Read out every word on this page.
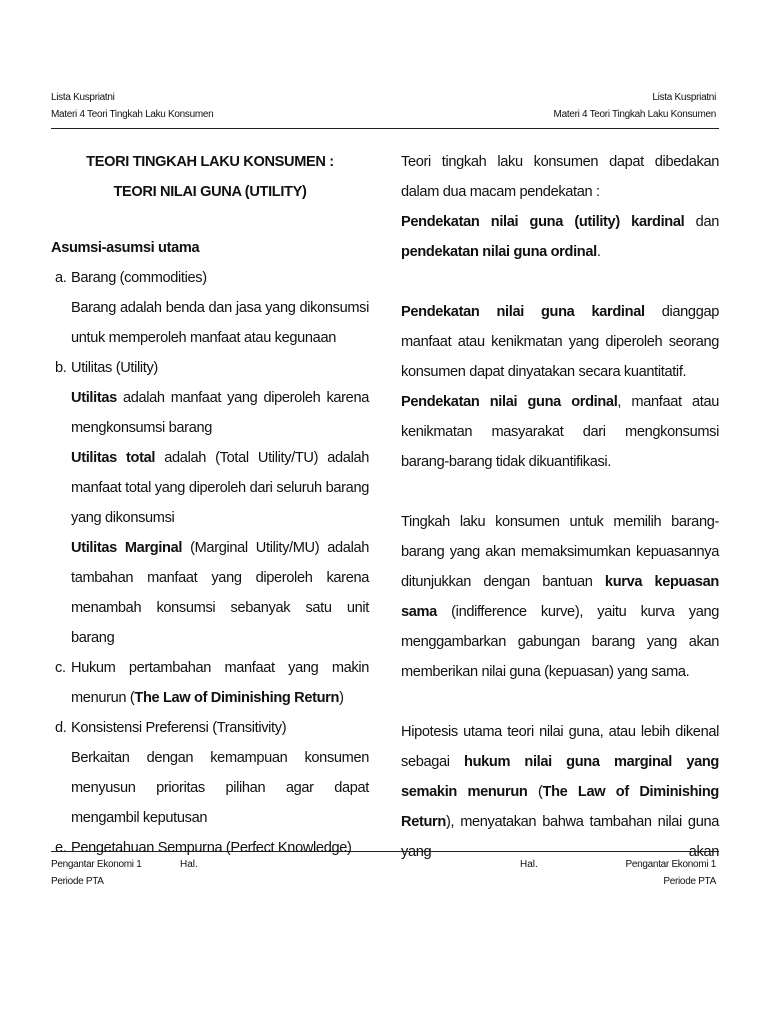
Lista Kuspriatni
Materi 4 Teori Tingkah Laku Konsumen
Lista Kuspriatni
Materi 4 Teori Tingkah Laku Konsumen
TEORI TINGKAH LAKU KONSUMEN :
TEORI NILAI GUNA (UTILITY)
Asumsi-asumsi utama
a. Barang (commodities)
Barang adalah benda dan jasa yang dikonsumsi untuk memperoleh manfaat atau kegunaan
b. Utilitas (Utility)
Utilitas adalah manfaat yang diperoleh karena mengkonsumsi barang
Utilitas total adalah (Total Utility/TU) adalah manfaat total yang diperoleh dari seluruh barang yang dikonsumsi
Utilitas Marginal (Marginal Utility/MU) adalah tambahan manfaat yang diperoleh karena menambah konsumsi sebanyak satu unit barang
c. Hukum pertambahan manfaat yang makin menurun (The Law of Diminishing Return)
d. Konsistensi Preferensi (Transitivity)
Berkaitan dengan kemampuan konsumen menyusun prioritas pilihan agar dapat mengambil keputusan
e. Pengetahuan Sempurna (Perfect Knowledge)
Teori tingkah laku konsumen dapat dibedakan dalam dua macam pendekatan :
Pendekatan nilai guna (utility) kardinal dan pendekatan nilai guna ordinal.
Pendekatan nilai guna kardinal dianggap manfaat atau kenikmatan yang diperoleh seorang konsumen dapat dinyatakan secara kuantitatif.
Pendekatan nilai guna ordinal, manfaat atau kenikmatan masyarakat dari mengkonsumsi barang-barang tidak dikuantifikasi.
Tingkah laku konsumen untuk memilih barang-barang yang akan memaksimumkan kepuasannya ditunjukkan dengan bantuan kurva kepuasan sama (indifference kurve), yaitu kurva yang menggambarkan gabungan barang yang akan memberikan nilai guna (kepuasan) yang sama.
Hipotesis utama teori nilai guna, atau lebih dikenal sebagai hukum nilai guna marginal yang semakin menurun (The Law of Diminishing Return), menyatakan bahwa tambahan nilai guna yang akan
Pengantar Ekonomi 1
Periode PTA
Hal.	Hal.	Pengantar Ekonomi 1
Periode PTA
